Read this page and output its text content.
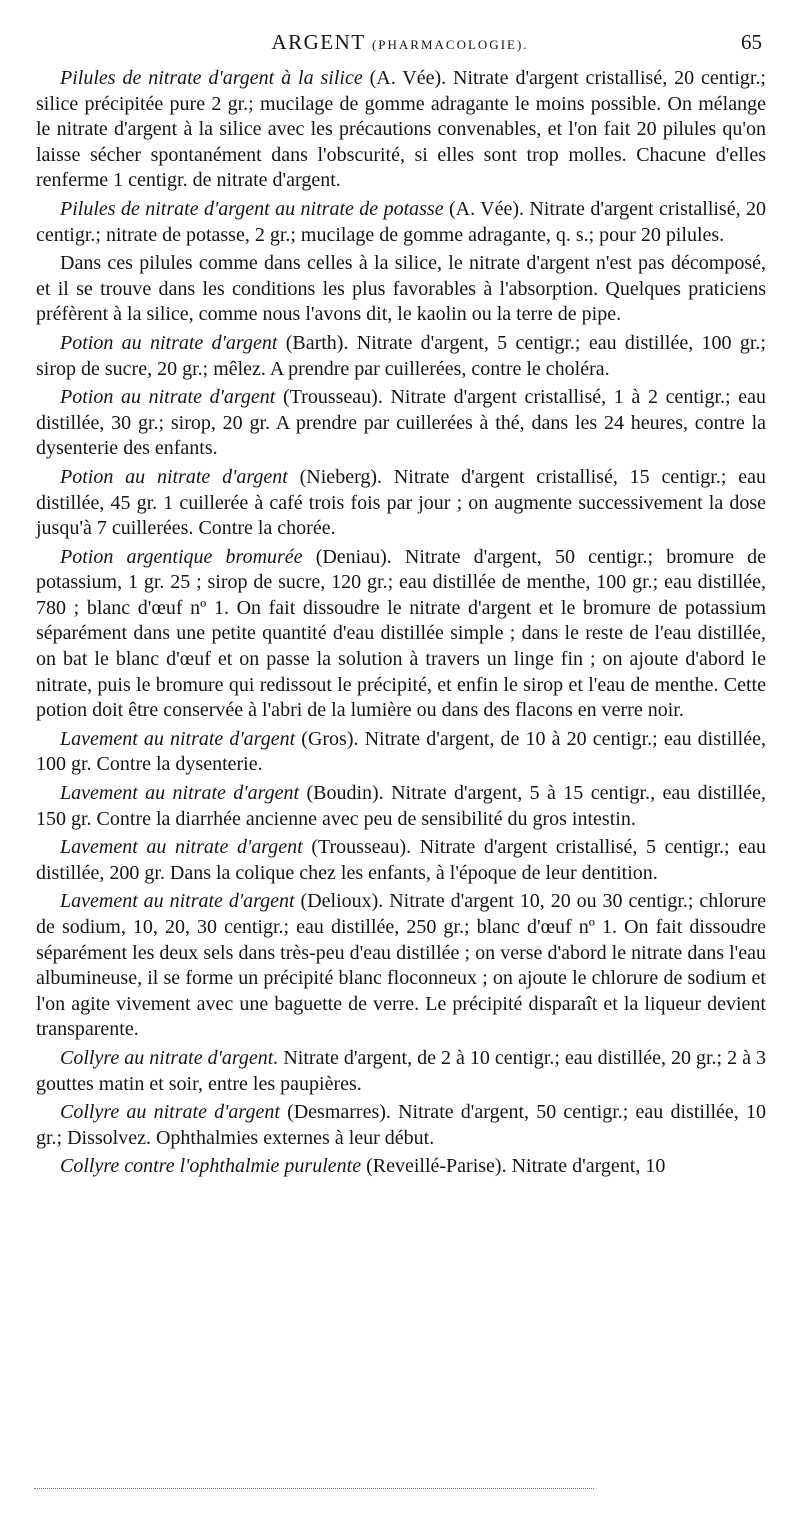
ARGENT (PHARMACOLOGIE).	65

Pilules de nitrate d'argent à la silice (A. Vée). Nitrate d'argent cristallisé, 20 centigr.; silice précipitée pure 2 gr.; mucilage de gomme adragante le moins possible. On mélange le nitrate d'argent à la silice avec les précautions convenables, et l'on fait 20 pilules qu'on laisse sécher spontanément dans l'obscurité, si elles sont trop molles. Chacune d'elles renferme 1 centigr. de nitrate d'argent.

Pilules de nitrate d'argent au nitrate de potasse (A. Vée). Nitrate d'argent cristallisé, 20 centigr.; nitrate de potasse, 2 gr.; mucilage de gomme adragante, q. s.; pour 20 pilules.

Dans ces pilules comme dans celles à la silice, le nitrate d'argent n'est pas décomposé, et il se trouve dans les conditions les plus favorables à l'absorption. Quelques praticiens préfèrent à la silice, comme nous l'avons dit, le kaolin ou la terre de pipe.

Potion au nitrate d'argent (Barth). Nitrate d'argent, 5 centigr.; eau distillée, 100 gr.; sirop de sucre, 20 gr.; mêlez. A prendre par cuillerées, contre le choléra.

Potion au nitrate d'argent (Trousseau). Nitrate d'argent cristallisé, 1 à 2 centigr.; eau distillée, 30 gr.; sirop, 20 gr. A prendre par cuillerées à thé, dans les 24 heures, contre la dysenterie des enfants.

Potion au nitrate d'argent (Nieberg). Nitrate d'argent cristallisé, 15 centigr.; eau distillée, 45 gr. 1 cuillerée à café trois fois par jour ; on augmente successivement la dose jusqu'à 7 cuillerées. Contre la chorée.

Potion argentique bromurée (Deniau). Nitrate d'argent, 50 centigr.; bromure de potassium, 1 gr. 25 ; sirop de sucre, 120 gr.; eau distillée de menthe, 100 gr.; eau distillée, 780 ; blanc d'œuf nº 1. On fait dissoudre le nitrate d'argent et le bromure de potassium séparément dans une petite quantité d'eau distillée simple ; dans le reste de l'eau distillée, on bat le blanc d'œuf et on passe la solution à travers un linge fin ; on ajoute d'abord le nitrate, puis le bromure qui redissout le précipité, et enfin le sirop et l'eau de menthe. Cette potion doit être conservée à l'abri de la lumière ou dans des flacons en verre noir.

Lavement au nitrate d'argent (Gros). Nitrate d'argent, de 10 à 20 centigr.; eau distillée, 100 gr. Contre la dysenterie.

Lavement au nitrate d'argent (Boudin). Nitrate d'argent, 5 à 15 centigr., eau distillée, 150 gr. Contre la diarrhée ancienne avec peu de sensibilité du gros intestin.

Lavement au nitrate d'argent (Trousseau). Nitrate d'argent cristallisé, 5 centigr.; eau distillée, 200 gr. Dans la colique chez les enfants, à l'époque de leur dentition.

Lavement au nitrate d'argent (Delioux). Nitrate d'argent 10, 20 ou 30 centigr.; chlorure de sodium, 10, 20, 30 centigr.; eau distillée, 250 gr.; blanc d'œuf nº 1. On fait dissoudre séparément les deux sels dans très-peu d'eau distillée ; on verse d'abord le nitrate dans l'eau albumineuse, il se forme un précipité blanc floconneux ; on ajoute le chlorure de sodium et l'on agite vivement avec une baguette de verre. Le précipité disparaît et la liqueur devient transparente.

Collyre au nitrate d'argent. Nitrate d'argent, de 2 à 10 centigr.; eau distillée, 20 gr.; 2 à 3 gouttes matin et soir, entre les paupières.

Collyre au nitrate d'argent (Desmarres). Nitrate d'argent, 50 centigr.; eau distillée, 10 gr.; Dissolvez. Ophthalmies externes à leur début.

Collyre contre l'ophthalmie purulente (Reveillé-Parise). Nitrate d'argent, 10
